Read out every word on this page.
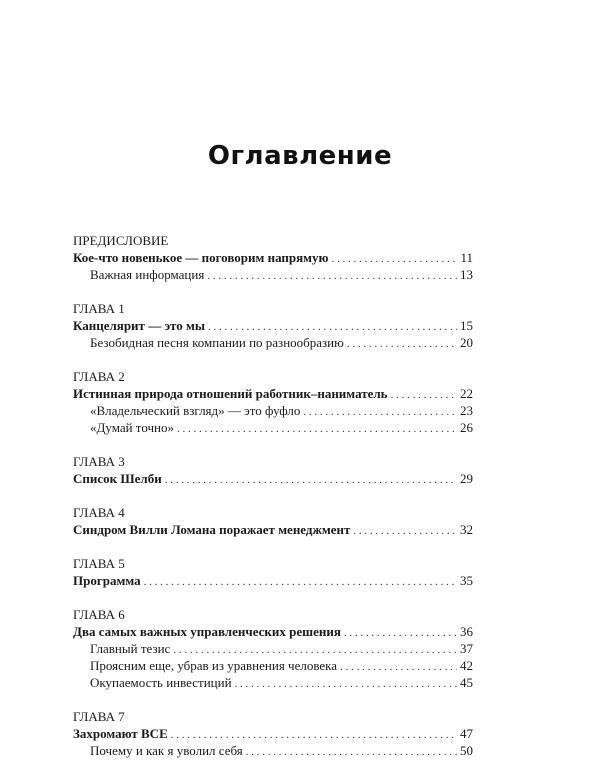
Оглавление
ПРЕДИСЛОВИЕ
Кое-что новенькое — поговорим напрямую . . .	11
Важная информация . . .	13
ГЛАВА 1
Канцелярит — это мы . . .	15
Безобидная песня компании по разнообразию . . .	20
ГЛАВА 2
Истинная природа отношений работник–наниматель . . .	22
«Владельческий взгляд» — это фуфло . . .	23
«Думай точно» . . .	26
ГЛАВА 3
Список Шелби . . .	29
ГЛАВА 4
Синдром Вилли Ломана поражает менеджмент . . .	32
ГЛАВА 5
Программа . . .	35
ГЛАВА 6
Два самых важных управленческих решения . . .	36
Главный тезис . . .	37
Проясним еще, убрав из уравнения человека . . .	42
Окупаемость инвестиций . . .	45
ГЛАВА 7
Захромают ВСЕ . . .	47
Почему и как я уволил себя . . .	50
